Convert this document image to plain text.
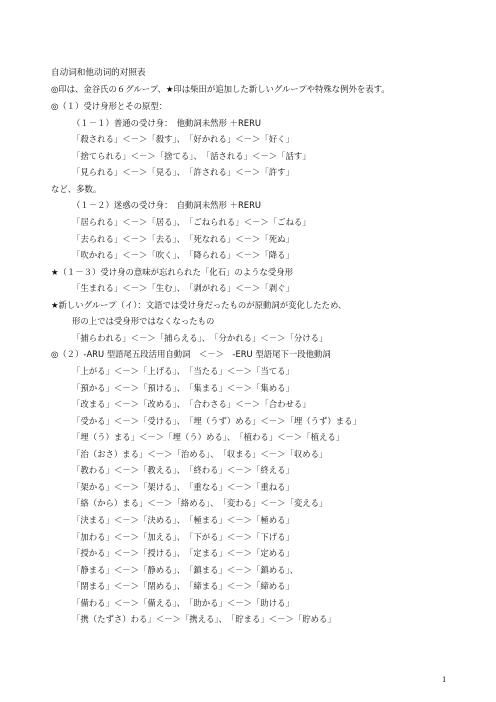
自动词和他动词的对照表
◎印は、金谷氏の６グループ、★印は柴田が追加した新しいグループや特殊な例外を表す。
◎（１）受け身形とその原型：
（１－１）普通の受け身：　他動詞未然形 ＋RERU
「殺される」＜－＞「殺す」、　「好かれる」＜－＞「好く」
「捨てられる」＜－＞「捨てる」、　「話される」＜－＞「話す」
「見られる」＜－＞「見る」、　「許される」＜－＞「許す」
など、多数。
（１－２）迷惑の受け身：　自動詞未然形 ＋RERU
「居られる」＜－＞「居る」、　「ごねられる」＜－＞「ごねる」
「去られる」＜－＞「去る」、　「死なれる」＜－＞「死ぬ」
「吹かれる」＜－＞「吹く」、　「降られる」＜－＞「降る」
★（１－３）受け身の意味が忘れられた「化石」のような受身形
「生まれる」＜－＞「生む」、　「剥がれる」＜－＞「剥ぐ」
★新しいグループ（イ）：文語では受け身だったものが原動詞が変化したため、
形の上では受身形ではなくなったもの
「捕らわれる」＜－＞「捕らえる」、　「分かれる」＜－＞「分ける」
◎（２）-ARU 型語尾五段活用自動詞　＜－＞　-ERU 型語尾下一段他動詞
「上がる」＜－＞「上げる」、　「当たる」＜－＞「当てる」
「預かる」＜－＞「預ける」、　「集まる」＜－＞「集める」
「改まる」＜－＞「改める」、　「合わさる」＜－＞「合わせる」
「受かる」＜－＞「受ける」、　「埋（うず）める」＜－＞「埋（うず）まる」
「埋（う）まる」＜－＞「埋（う）める」、　「植わる」＜－＞「植える」
「治（おさ）まる」＜－＞「治める」、　「収まる」＜－＞「収める」
「教わる」＜－＞「教える」、　「終わる」＜－＞「終える」
「架かる」＜－＞「架ける」、　「重なる」＜－＞「重ねる」
「絡（から）まる」＜－＞「絡める」、　「変わる」＜－＞「変える」
「決まる」＜－＞「決める」、　「極まる」＜－＞「極める」
「加わる」＜－＞「加える」、　「下がる」＜－＞「下げる」
「授かる」＜－＞「授ける」、　「定まる」＜－＞「定める」
「静まる」＜－＞「静める」、　「鎮まる」＜－＞「鎮める」、
「閉まる」＜－＞「閉める」、　「締まる」＜－＞「締める」
「備わる」＜－＞「備える」、　「助かる」＜－＞「助ける」
「携（たずさ）わる」＜－＞「携える」、　「貯まる」＜－＞「貯める」
1
